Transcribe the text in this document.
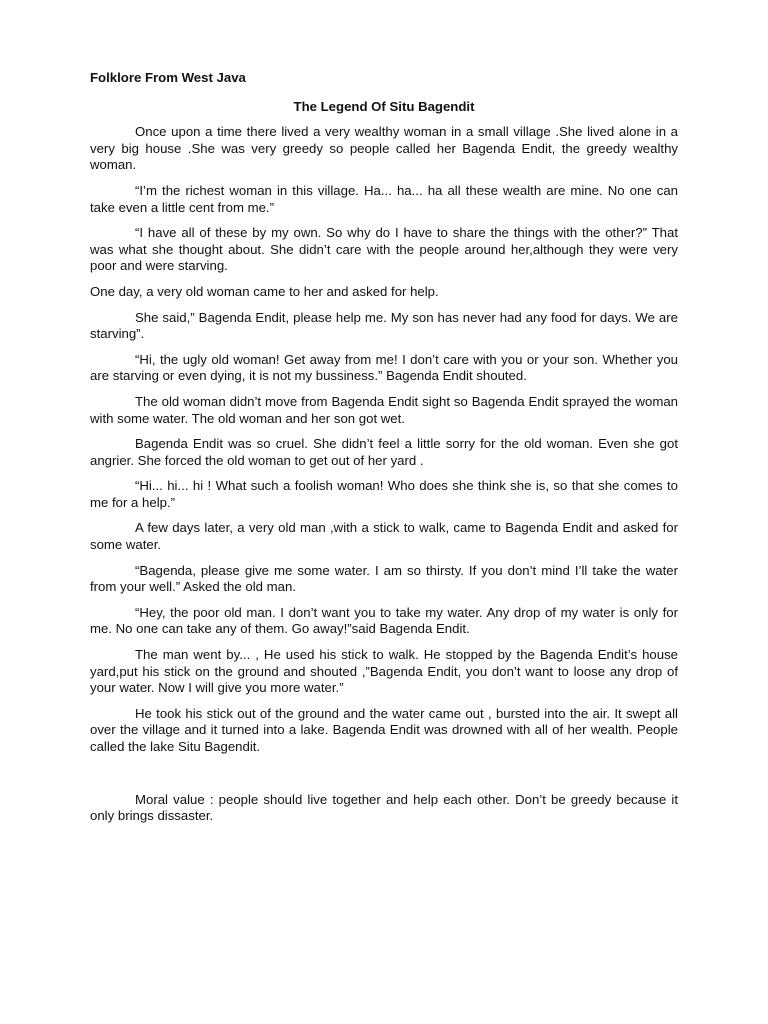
Folklore From West Java

The Legend Of Situ Bagendit

Once upon a time there lived a very wealthy woman in a small village .She lived alone in a very big house .She was very greedy so people called her Bagenda Endit, the greedy wealthy woman.

“I’m the richest woman in this village. Ha... ha... ha all these wealth are mine. No one can take even a little cent from me.”

“I have all of these by my own. So why do I have to share the things with the other?” That was what she thought about. She didn’t care with the people around her,although they were very poor and were starving.

One day, a very old woman came to her and asked for help.

She said,” Bagenda Endit, please help me. My son has never had any food for days. We are starving”.

“Hi, the ugly old woman! Get away from me! I don’t care with you or your son. Whether you are starving or even dying, it is not my bussiness.” Bagenda Endit shouted.

The old woman didn’t move from Bagenda Endit sight so Bagenda Endit sprayed the woman with some water. The old woman and her son got wet.

Bagenda Endit was so cruel. She didn’t feel a little sorry for the old woman. Even she got angrier. She forced the old woman to get out of her yard .

“Hi... hi... hi ! What such a foolish woman! Who does she think she is, so that she comes to me for a help.”

A few days later, a very old man ,with a stick to walk, came to Bagenda Endit and asked for some water.

“Bagenda, please give me some water. I am so thirsty. If you don’t mind I’ll take the water from your well.” Asked the old man.

“Hey, the poor old man. I don’t want you to take my water. Any drop of my water is only for me. No one can take any of them. Go away!”said Bagenda Endit.

The man went by... , He used his stick to walk. He stopped by the Bagenda Endit’s house yard,put his stick on the ground and shouted ,”Bagenda Endit, you don’t want to loose any drop of your water. Now I will give you more water.”

He took his stick out of the ground and the water came out , bursted into the air. It swept all over the village and it turned into a lake. Bagenda Endit was drowned with all of her wealth. People called the lake Situ Bagendit.

Moral value : people should live together and help each other. Don’t be greedy because it only brings dissaster.
